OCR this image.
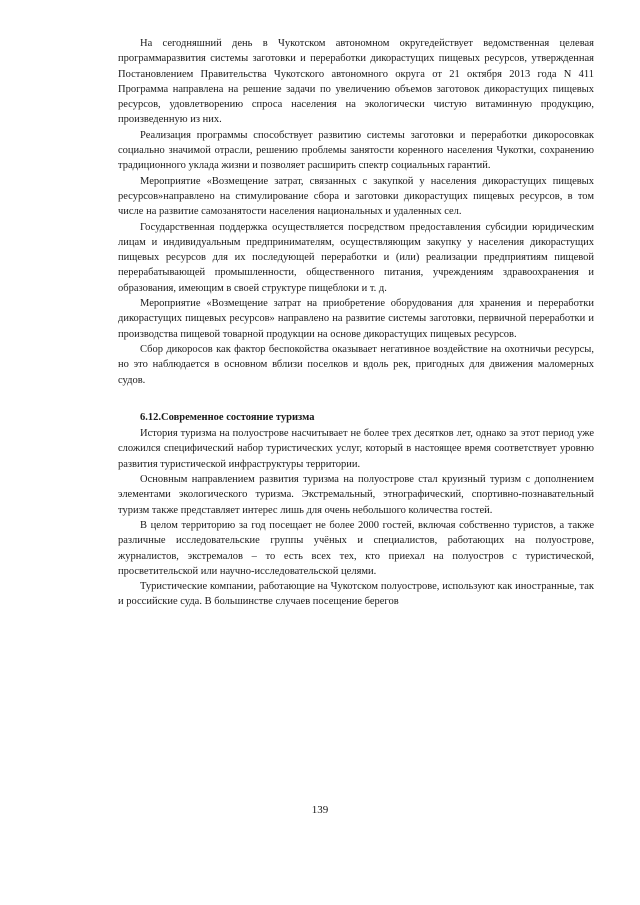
На сегодняшний день в Чукотском автономном округедействует ведомственная целевая программаразвития системы заготовки и переработки дикорастущих пищевых ресурсов, утвержденная Постановлением Правительства Чукотского автономного округа от 21 октября 2013 года N 411 Программа направлена на решение задачи по увеличению объемов заготовок дикорастущих пищевых ресурсов, удовлетворению спроса населения на экологически чистую витаминную продукцию, произведенную из них.

Реализация программы способствует развитию системы заготовки и переработки дикоросовкак социально значимой отрасли, решению проблемы занятости коренного населения Чукотки, сохранению традиционного уклада жизни и позволяет расширить спектр социальных гарантий.

Мероприятие «Возмещение затрат, связанных с закупкой у населения дикорастущих пищевых ресурсов»направлено на стимулирование сбора и заготовки дикорастущих пищевых ресурсов, в том числе на развитие самозанятости населения национальных и удаленных сел.

Государственная поддержка осуществляется посредством предоставления субсидии юридическим лицам и индивидуальным предпринимателям, осуществляющим закупку у населения дикорастущих пищевых ресурсов для их последующей переработки и (или) реализации предприятиям пищевой перерабатывающей промышленности, общественного питания, учреждениям здравоохранения и образования, имеющим в своей структуре пищеблоки и т. д.

Мероприятие «Возмещение затрат на приобретение оборудования для хранения и переработки дикорастущих пищевых ресурсов» направлено на развитие системы заготовки, первичной переработки и производства пищевой товарной продукции на основе дикорастущих пищевых ресурсов.

Сбор дикоросов как фактор беспокойства оказывает негативное воздействие на охотничьи ресурсы, но это наблюдается в основном вблизи поселков и вдоль рек, пригодных для движения маломерных судов.

6.12.Современное состояние туризма

История туризма на полуострове насчитывает не более трех десятков лет, однако за этот период уже сложился специфический набор туристических услуг, который в настоящее время соответствует уровню развития туристической инфраструктуры территории.

Основным направлением развития туризма на полуострове стал круизный туризм с дополнением элементами экологического туризма. Экстремальный, этнографический, спортивно-познавательный туризм также представляет интерес лишь для очень небольшого количества гостей.

В целом территорию за год посещает не более 2000 гостей, включая собственно туристов, а также различные исследовательские группы учёных и специалистов, работающих на полуострове, журналистов, экстремалов – то есть всех тех, кто приехал на полуостров с туристической, просветительской или научно-исследовательской целями.

Туристические компании, работающие на Чукотском полуострове, используют как иностранные, так и российские суда. В большинстве случаев посещение берегов

139
